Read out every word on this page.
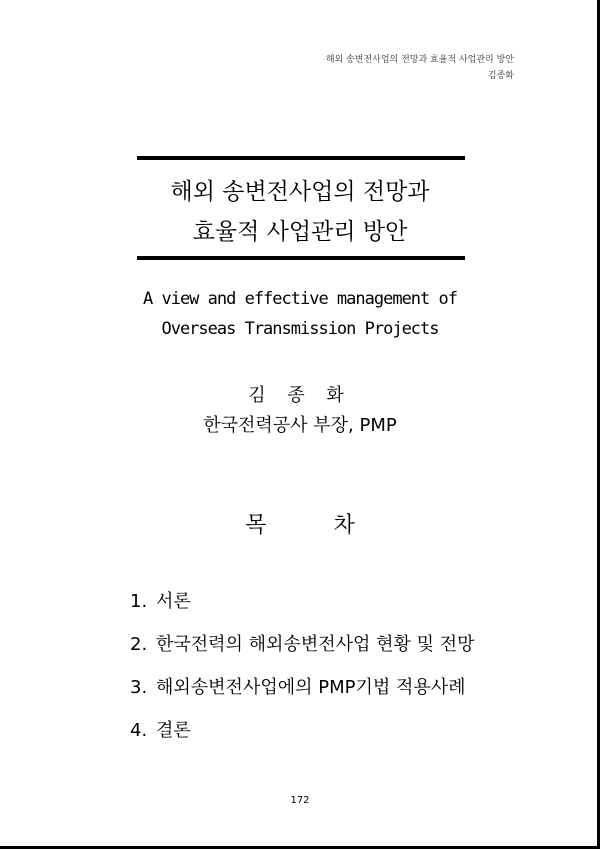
해외 송변전사업의 전망과 효율적 사업관리 방안
김종화
해외 송변전사업의 전망과
효율적 사업관리 방안
A view and effective management of
Overseas Transmission Projects
김 종 화
한국전력공사 부장, PMP
목 차
1. 서론
2. 한국전력의 해외송변전사업 현황 및 전망
3. 해외송변전사업에의 PMP기법 적용사례
4. 결론
172
